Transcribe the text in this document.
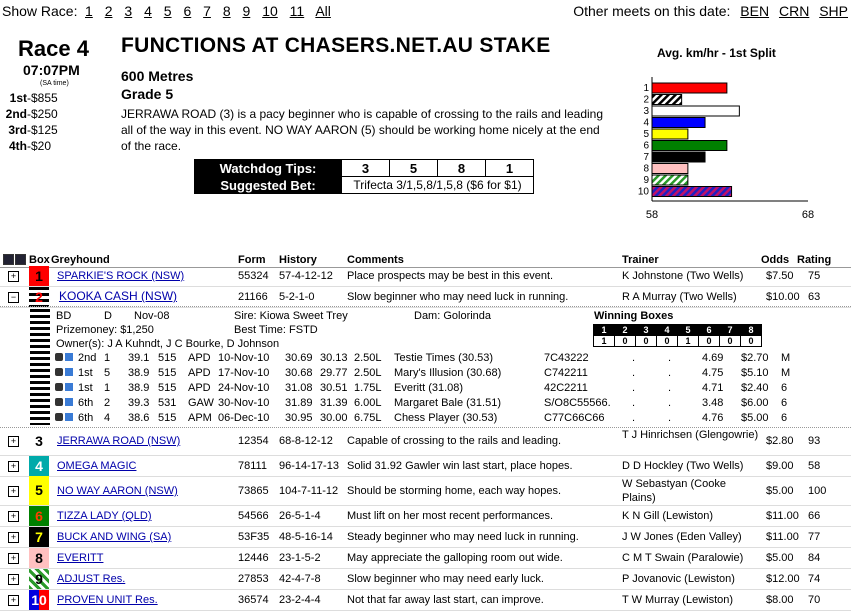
Show Race: 1 2 3 4 5 6 7 8 9 10 11 All	Other meets on this date: BEN CRN SHP
Race 4
07:07PM
(SA time)
1st-$855
2nd-$250
3rd-$125
4th-$20
FUNCTIONS AT CHASERS.NET.AU STAKE
600 Metres
Grade 5
JERRAWA ROAD (3) is a pacy beginner who is capable of crossing to the rails and leading all of the way in this event. NO WAY AARON (5) should be working home nicely at the end of the race.
Watchdog Tips:	3	5	8	1
Suggested Bet:	Trifecta 3/1,5,8/1,5,8 ($6 for $1)			
Avg. km/hr - 1st Split
1
2
3
4
5
6
7
8
9
10
58	68
Box Greyhound	Form History	Comments	Trainer	Odds Rating
+	1	SPARKIE'S ROCK (NSW)	55324 57-4-12-12 Place prospects may be best in this event.	$7.50 75
K Johnstone (Two Wells)
−	2	KOOKA CASH (NSW)	21166 5-2-1-0	Slow beginner who may need luck in running.	$10.00 63
R A Murray (Two Wells)
+	3	JERRAWA ROAD (NSW)	12354 68-8-12-12 Capable of crossing to the rails and leading.	$2.80 93
T J Hinrichsen (Glengowrie)
+	4	OMEGA MAGIC	78111 96-14-17-13 Solid 31.92 Gawler win last start, place hopes.	$9.00 58
D D Hockley (Two Wells)
+	5	NO WAY AARON (NSW)	73865 104-7-11-12 Should be storming home, each way hopes.	$5.00 100
W Sebastyan (Cooke Plains)
+	6	TIZZA LADY (QLD)	54566 26-5-1-4 Must lift on her most recent performances.	$11.00 66
K N Gill (Lewiston)
+	7	BUCK AND WING (SA)	53F35 48-5-16-14 Steady beginner who may need luck in running.	$11.00 77
J W Jones (Eden Valley)
+	8	EVERITT	12446 23-1-5-2 May appreciate the galloping room out wide.	$5.00 84
C M T Swain (Paralowie)
+	9	ADJUST Res.	27853 42-4-7-8 Slow beginner who may need early luck.	$12.00 74
P Jovanovic (Lewiston)
+ 10 PROVEN UNIT Res.	36574 23-2-4-4 Not that far away last start, can improve.	$8.00 70
T W Murray (Lewiston)
BD	D Nov-08	Sire: Kiowa Sweet Trey	Dam: Golorinda	Winning Boxes
Prizemoney: $1,250	Best Time: FSTD
Owner(s): J A Kuhndt, J C Bourke, D Johnson
1	2	3	4	5	6	7	8
1	0	0	0	1	0	0	0
2nd 1 39.1 515 APD 10-Nov-10 30.69 30.13 2.50L Testie Times (30.53)	7C43222	.	.	4.69 $2.70 M
1st 5 38.9 515 APD 17-Nov-10 30.68 29.77 2.50L Mary's Illusion (30.68)	C742211	.	.	4.75 $5.10 M
1st 1 38.9 515 APD 24-Nov-10 31.08 30.51 1.75L Everitt (31.08)	42C2211	.	.	4.71 $2.40 6
6th 2 39.3 531 GAW 30-Nov-10 31.89 31.39 6.00L Margaret Bale (31.51)	S/O8C55566. .	.	3.48 $6.00 6
6th 4 38.6 515 APM 06-Dec-10 30.95 30.00 6.75L Chess Player (30.53)	C77C66C66 .	.	4.76 $5.00 6
